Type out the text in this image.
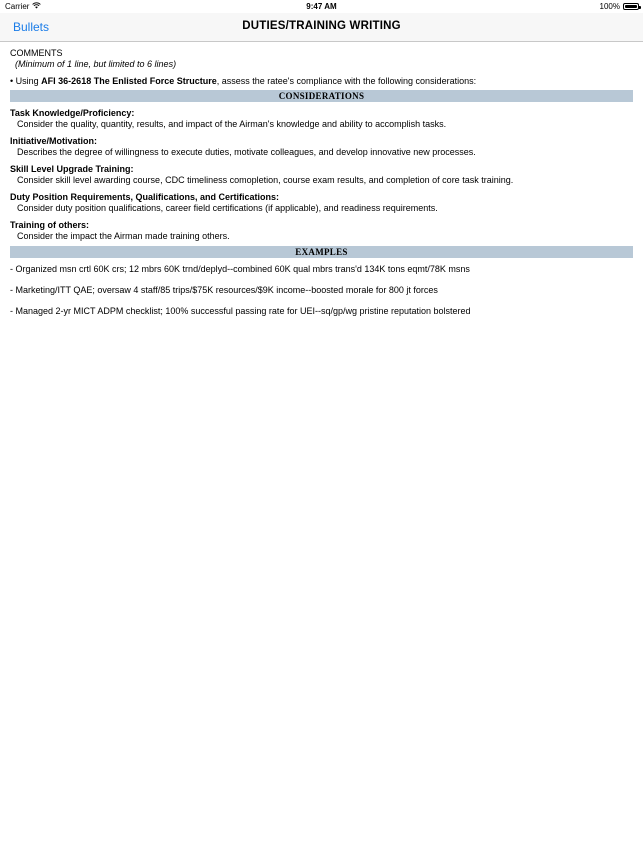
Carrier	9:47 AM	100%
Bullets	DUTIES/TRAINING WRITING
COMMENTS
(Minimum of 1 line, but limited to 6 lines)
• Using AFI 36-2618 The Enlisted Force Structure, assess the ratee's compliance with the following considerations:
CONSIDERATIONS
Task Knowledge/Proficiency:
Consider the quality, quantity, results, and impact of the Airman's knowledge and ability to accomplish tasks.
Initiative/Motivation:
Describes the degree of willingness to execute duties, motivate colleagues, and develop innovative new processes.
Skill Level Upgrade Training:
Consider skill level awarding course, CDC timeliness comopletion, course exam results, and completion of core task training.
Duty Position Requirements, Qualifications, and Certifications:
Consider duty position qualifications, career field certifications (if applicable), and readiness requirements.
Training of others:
Consider the impact the Airman made training others.
EXAMPLES
- Organized msn crtl 60K crs; 12 mbrs 60K trnd/deplyd--combined 60K qual mbrs trans'd 134K tons eqmt/78K msns
- Marketing/ITT QAE; oversaw 4 staff/85 trips/$75K resources/$9K income--boosted morale for 800 jt forces
- Managed 2-yr MICT ADPM checklist; 100% successful passing rate for UEI--sq/gp/wg pristine reputation bolstered
